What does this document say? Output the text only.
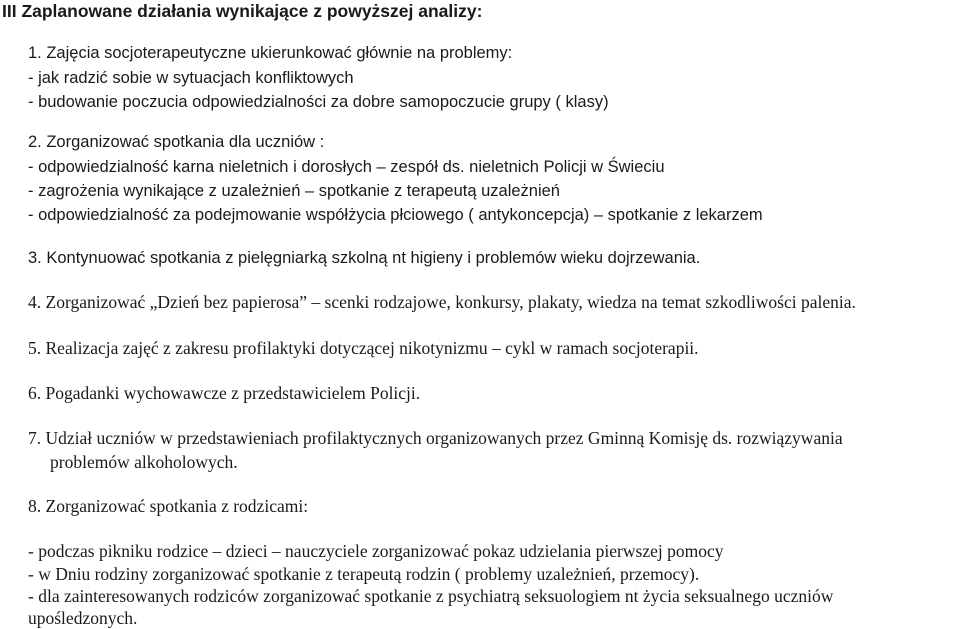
III Zaplanowane działania wynikające z powyższej analizy:
1. Zajęcia socjoterapeutyczne ukierunkować głównie na problemy:
- jak radzić sobie w sytuacjach konfliktowych
- budowanie poczucia odpowiedzialności za dobre samopoczucie grupy ( klasy)
2. Zorganizować spotkania dla uczniów :
- odpowiedzialność karna nieletnich i dorosłych – zespół ds. nieletnich Policji w Świeciu
- zagrożenia wynikające z uzależnień – spotkanie z terapeutą uzależnień
- odpowiedzialność za podejmowanie współżycia płciowego ( antykoncepcja) – spotkanie z lekarzem
3. Kontynuować spotkania z pielęgniarką szkolną nt higieny i problemów wieku dojrzewania.
4. Zorganizować „Dzień bez papierosa” – scenki rodzajowe, konkursy, plakaty, wiedza na temat szkodliwości palenia.
5. Realizacja zajęć z zakresu profilaktyki dotyczącej nikotynizmu – cykl w ramach socjoterapii.
6. Pogadanki wychowawcze z przedstawicielem Policji.
7. Udział uczniów w przedstawieniach profilaktycznych organizowanych przez Gminną Komisję ds. rozwiązywania
problemów alkoholowych.
8. Zorganizować spotkania z rodzicami:
- podczas pikniku rodzice – dzieci – nauczyciele zorganizować pokaz udzielania pierwszej pomocy
- w Dniu rodziny zorganizować spotkanie z terapeutą rodzin ( problemy uzależnień, przemocy).
- dla zainteresowanych rodziców zorganizować spotkanie z psychiatrą seksuologiem nt życia seksualnego uczniów
upośledzonych.
